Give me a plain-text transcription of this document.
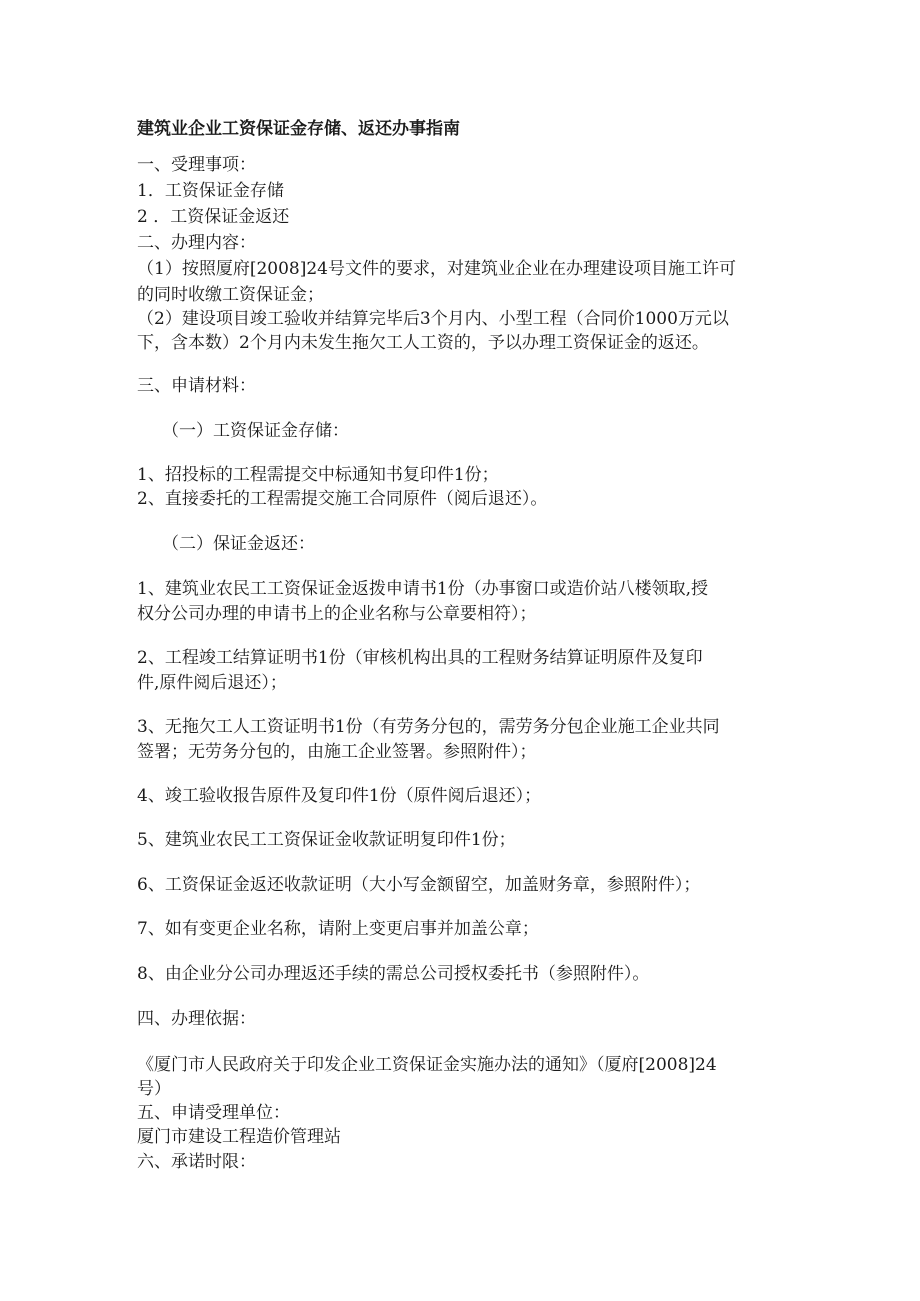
建筑业企业工资保证金存储、返还办事指南

一、受理事项：

1．工资保证金存储

2 ．工资保证金返还

二、办理内容：

（1）按照厦府[2008]24号文件的要求，对建筑业企业在办理建设项目施工许可

的同时收缴工资保证金；

（2）建设项目竣工验收并结算完毕后3个月内、小型工程（合同价1000万元以

下，含本数）2个月内未发生拖欠工人工资的，予以办理工资保证金的返还。

三、申请材料：

（一）工资保证金存储：

1、招投标的工程需提交中标通知书复印件1份；

2、直接委托的工程需提交施工合同原件（阅后退还）。

（二）保证金返还：

1、建筑业农民工工资保证金返拨申请书1份（办事窗口或造价站八楼领取,授

权分公司办理的申请书上的企业名称与公章要相符）；

2、工程竣工结算证明书1份（审核机构出具的工程财务结算证明原件及复印

件,原件阅后退还）；

3、无拖欠工人工资证明书1份（有劳务分包的，需劳务分包企业施工企业共同

签署；无劳务分包的，由施工企业签署。参照附件）；

4、竣工验收报告原件及复印件1份（原件阅后退还）；

5、建筑业农民工工资保证金收款证明复印件1份；

6、工资保证金返还收款证明（大小写金额留空，加盖财务章，参照附件）；

7、如有变更企业名称，请附上变更启事并加盖公章；

8、由企业分公司办理返还手续的需总公司授权委托书（参照附件）。

四、办理依据：

《厦门市人民政府关于印发企业工资保证金实施办法的通知》（厦府[2008]24

号）

五、申请受理单位：

厦门市建设工程造价管理站

六、承诺时限：
